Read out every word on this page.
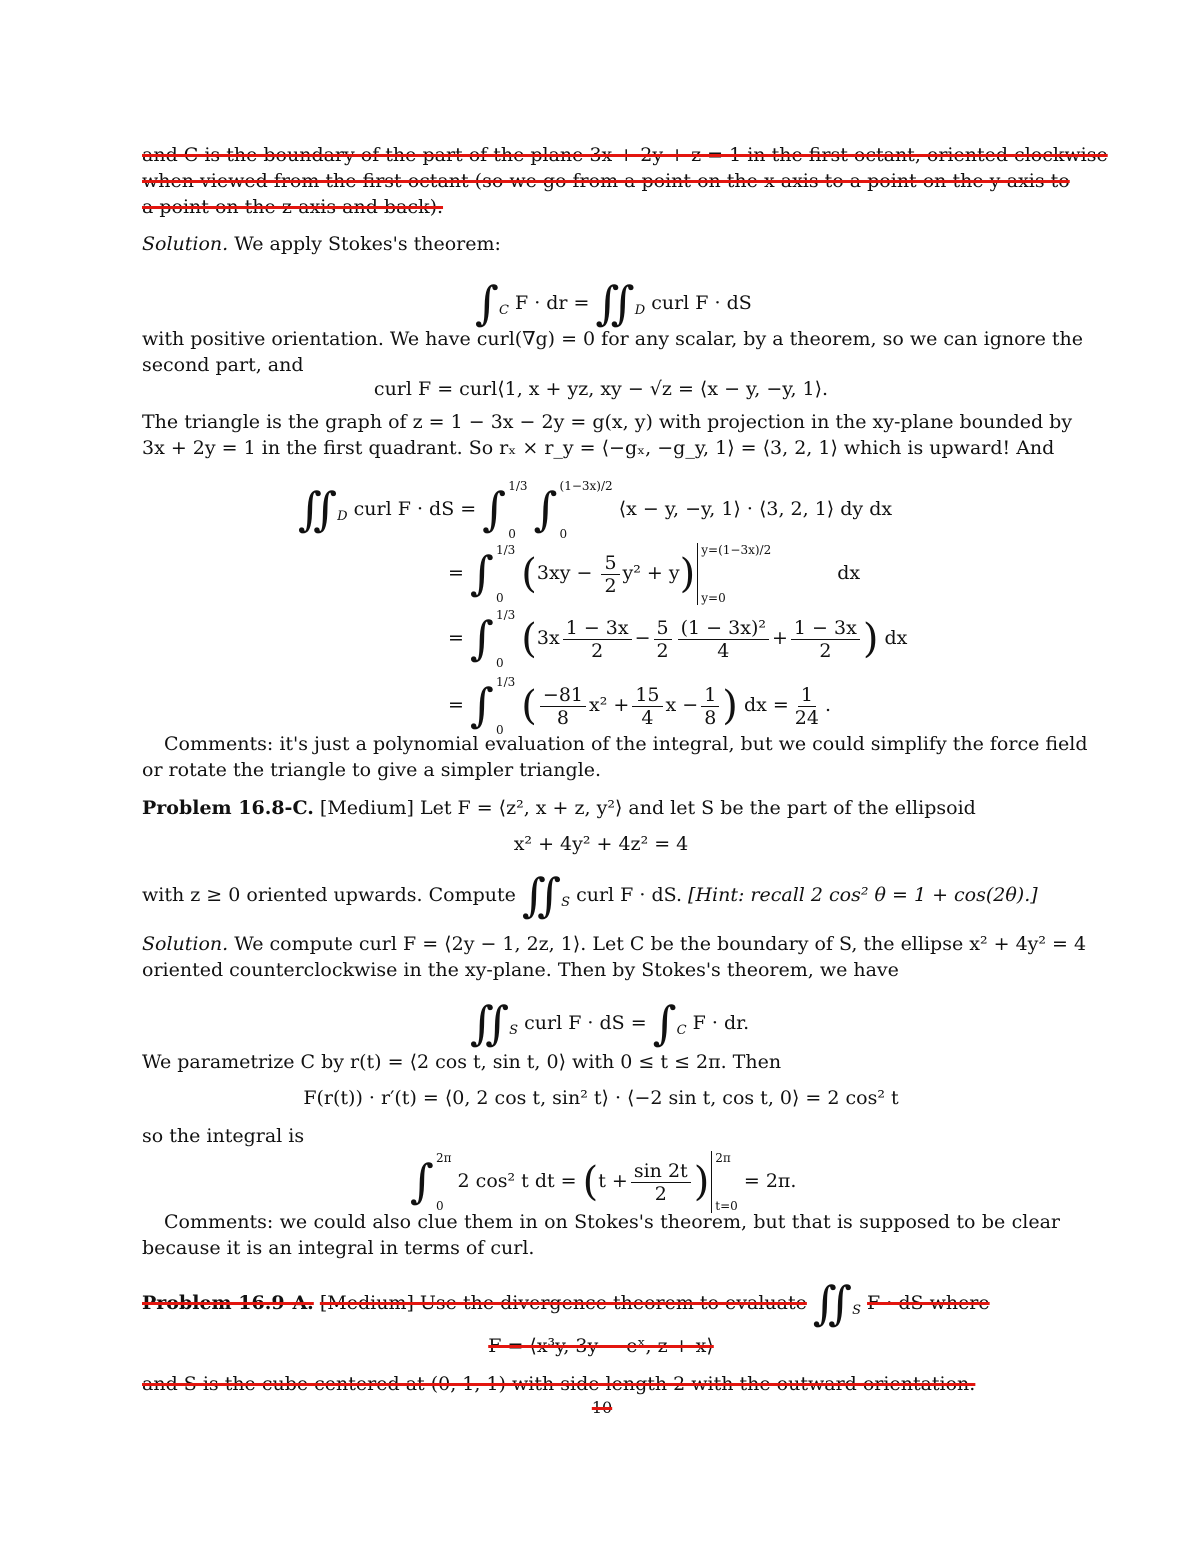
and C is the boundary of the part of the plane 3x + 2y + z = 1 in the first octant, oriented clockwise
when viewed from the first octant (so we go from a point on the x-axis to a point on the y-axis to
a point on the z-axis and back).
Solution. We apply Stokes's theorem:
$\int_C$ F · dr = $∬_D$ curl F · dS
with positive orientation. We have curl(∇g) = 0 for any scalar, by a theorem, so we can ignore the
second part, and
curl F = curl⟨1, x + yz, xy − √z = ⟨x − y, −y, 1⟩.
The triangle is the graph of z = 1 − 3x − 2y = g(x, y) with projection in the xy-plane bounded by
3x + 2y = 1 in the first quadrant. So rₓ × r_y = ⟨−gₓ, −g_y, 1⟩ = ⟨3, 2, 1⟩ which is upward! And
$∬_D$ curl F · dS = ∫ 1/3
0 ∫ (1−3x)/2
0
⟨x − y, −y, 1⟩ · ⟨3, 2, 1⟩ dy dx
= ∫ 1/3
0
$(3xy - \frac{5}{2} y^2 + y)$
y=(1−3x)/2
y=0
dx
= ∫ 1/3
0
($3x \frac{1 - 3x}{2} - \frac{5}{2} \frac{\text{(1 − 3x)²}}{4} + \frac{1 - 3x}{2}$ ) dx
= ∫ 1/3
0
( $\frac{-81}{8} x^2 + \frac{15}{4}$ $x - \frac{1}{8}$ ) dx = $\frac{1}{24}$ .
Comments: it's just a polynomial evaluation of the integral, but we could simplify the force field
or rotate the triangle to give a simpler triangle.
Problem 16.8-C. [Medium] Let F = ⟨z², x + z, y²⟩ and let S be the part of the ellipsoid
x² + 4y² + 4z² = 4
with z ≥ 0 oriented upwards. Compute $∬_S$ curl F · dS. [Hint: recall 2 cos² θ = 1 + cos(2θ).]
Solution. We compute curl F = ⟨2y − 1, 2z, 1⟩. Let C be the boundary of S, the ellipse x² + 4y² = 4
oriented counterclockwise in the xy-plane. Then by Stokes's theorem, we have
$∬_S$ curl F · dS = $\int_C$ F · dr.
We parametrize C by r(t) = ⟨2 cos t, sin t, 0⟩ with 0 ≤ t ≤ 2π. Then
F(r(t)) · r′(t) = ⟨0, 2 cos t, sin² t⟩ · ⟨−2 sin t, cos t, 0⟩ = 2 cos² t
so the integral is
∫ 2π
0
2 cos² t dt = ($t + \frac{\sin 2t}{2}$ )
2π
t=0
= 2π.
Comments: we could also clue them in on Stokes's theorem, but that is supposed to be clear
because it is an integral in terms of curl.
Problem 16.9-A. [Medium] Use the divergence theorem to evaluate $∬_S$ F · dS where
F = ⟨x³y, 3y − eˣ, z + x⟩
and S is the cube centered at (0, 1, 1) with side length 2 with the outward orientation.
10
